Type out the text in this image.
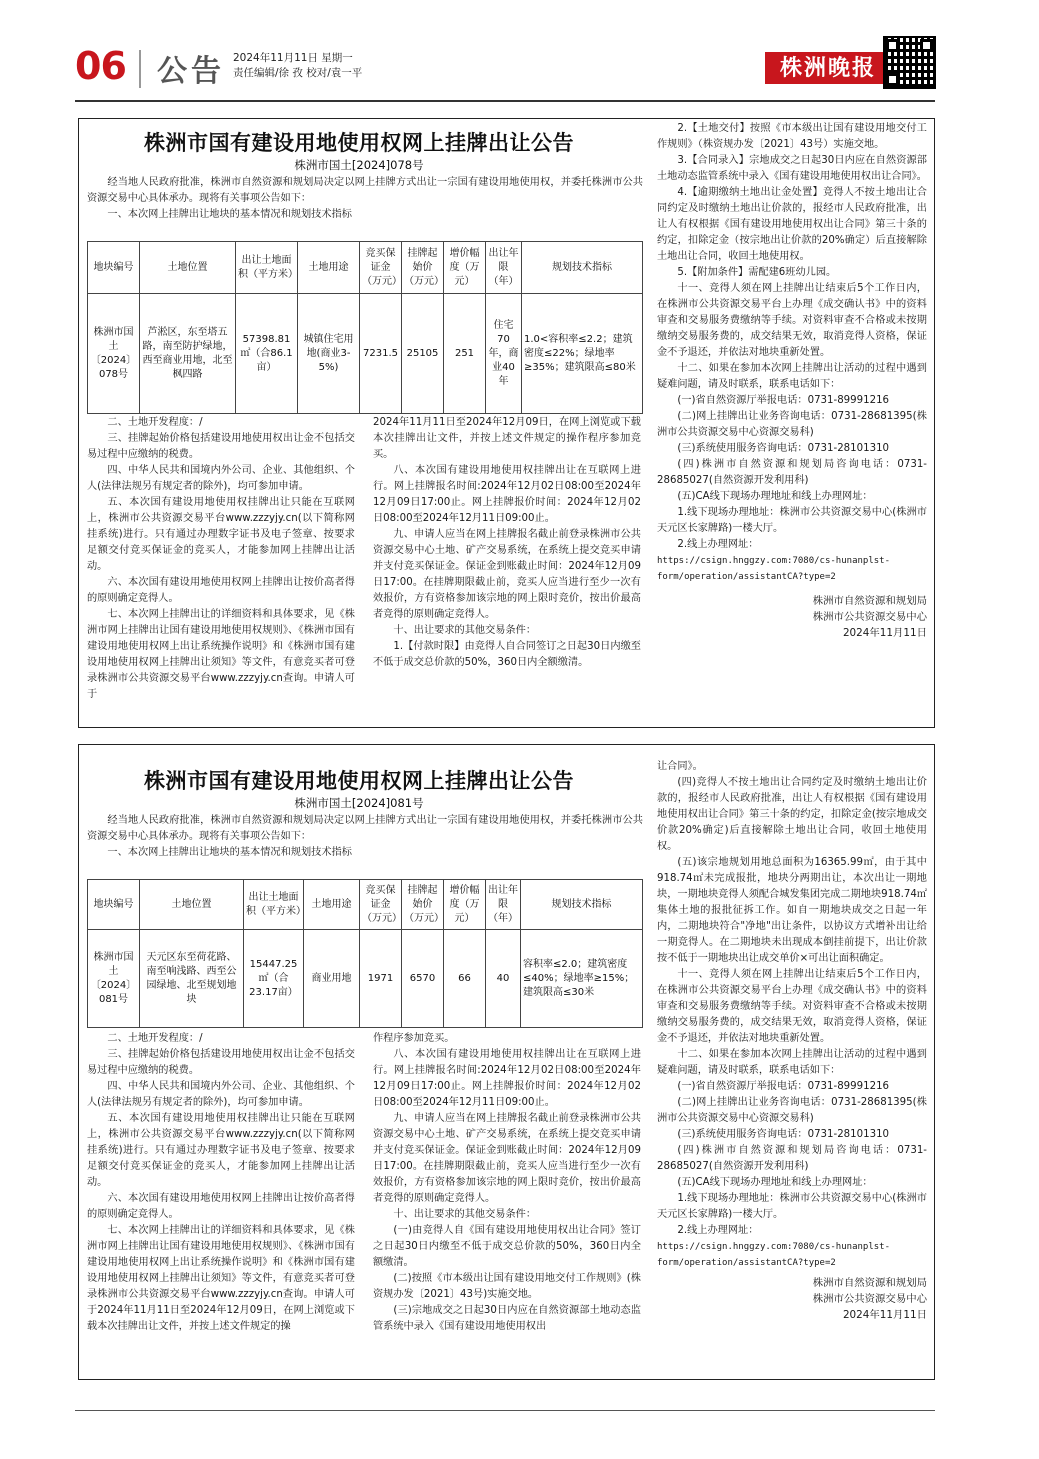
06 公告 2024年11月11日 星期一
责任编辑/徐 孜 校对/袁一平	株洲晚报
株洲市国有建设用地使用权网上挂牌出让公告
株洲市国土[2024]078号

经当地人民政府批准，株洲市自然资源和规划局决定以网上挂牌方式出让一宗国有建设用地使用权，并委托株洲市公共资源交易中心具体承办。现将有关事项公告如下：

一、本次网上挂牌出让地块的基本情况和规划技术指标

地块编号	土地位置	出让土地面积（平方米）	土地用途	竞买保证金（万元）	挂牌起始价（万元）	增价幅度（万元）	出让年限（年）	规划技术指标
株洲市国土〔2024〕078号	芦淞区，东至塔五路，南至防护绿地，西至商业用地，北至枫四路	57398.81㎡（合86.1亩）	城镇住宅用地(商业3-5%)	7231.5	25105	251	住宅70年，商业40年	1.0<容积率≤2.2；建筑密度≤22%；绿地率≥35%；建筑限高≤80米

二、土地开发程度：/

三、挂牌起始价格包括建设用地使用权出让金不包括交易过程中应缴纳的税费。

四、中华人民共和国境内外公司、企业、其他组织、个人(法律法规另有规定者的除外)，均可参加申请。

五、本次国有建设用地使用权挂牌出让只能在互联网上，株洲市公共资源交易平台www.zzzyjy.cn(以下简称网挂系统)进行。只有通过办理数字证书及电子签章、按要求足额交付竞买保证金的竞买人，才能参加网上挂牌出让活动。

六、本次国有建设用地使用权网上挂牌出让按价高者得的原则确定竞得人。

七、本次网上挂牌出让的详细资料和具体要求，见《株洲市网上挂牌出让国有建设用地使用权规则》、《株洲市国有建设用地使用权网上出让系统操作说明》和《株洲市国有建设用地使用权网上挂牌出让须知》等文件，有意竞买者可登录株洲市公共资源交易平台www.zzzyjy.cn查询。申请人可于

2024年11月11日至2024年12月09日，在网上浏览或下载本次挂牌出让文件，并按上述文件规定的操作程序参加竞买。

八、本次国有建设用地使用权挂牌出让在互联网上进行。网上挂牌报名时间:2024年12月02日08:00至2024年12月09日17:00止。网上挂牌报价时间：2024年12月02日08:00至2024年12月11日09:00止。

九、申请人应当在网上挂牌报名截止前登录株洲市公共资源交易中心土地、矿产交易系统，在系统上提交竞买申请并支付竞买保证金。保证金到账截止时间：2024年12月09日17:00。在挂牌期限截止前，竞买人应当进行至少一次有效报价，方有资格参加该宗地的网上限时竞价，按出价最高者竞得的原则确定竞得人。

十、出让要求的其他交易条件：

1.【付款时限】由竞得人自合同签订之日起30日内缴至不低于成交总价款的50%，360日内全额缴清。

2.【土地交付】按照《市本级出让国有建设用地交付工作规则》（株资规办发〔2021〕43号）实施交地。

3.【合同录入】宗地成交之日起30日内应在自然资源部土地动态监管系统中录入《国有建设用地使用权出让合同》。

4.【逾期缴纳土地出让金处置】竞得人不按土地出让合同约定及时缴纳土地出让价款的，报经市人民政府批准，出让人有权根据《国有建设用地使用权出让合同》第三十条的约定，扣除定金（按宗地出让价款的20%确定）后直接解除土地出让合同，收回土地使用权。

5.【附加条件】需配建6班幼儿园。

十一、竞得人须在网上挂牌出让结束后5个工作日内，在株洲市公共资源交易平台上办理《成交确认书》中的资料审查和交易服务费缴纳等手续。对资料审查不合格或未按期缴纳交易服务费的，成交结果无效，取消竞得人资格，保证金不予退还，并依法对地块重新处置。

十二、如果在参加本次网上挂牌出让活动的过程中遇到疑难问题，请及时联系，联系电话如下：

(一)省自然资源厅举报电话：0731-89991216

(二)网上挂牌出让业务咨询电话：0731-28681395(株洲市公共资源交易中心资源交易科)

(三)系统使用服务咨询电话：0731-28101310

(四)株洲市自然资源和规划局咨询电话：0731-28685027(自然资源开发利用科)

(五)CA线下现场办理地址和线上办理网址：

1.线下现场办理地址：株洲市公共资源交易中心(株洲市天元区长家牌路)一楼大厅。

2.线上办理网址：

https://csign.hnggzy.com:7080/cs-hunanplst-form/operation/assistantCA?type=2

株洲市自然资源和规划局
株洲市公共资源交易中心
2024年11月11日
株洲市国有建设用地使用权网上挂牌出让公告
株洲市国土[2024]081号

经当地人民政府批准，株洲市自然资源和规划局决定以网上挂牌方式出让一宗国有建设用地使用权，并委托株洲市公共资源交易中心具体承办。现将有关事项公告如下：

一、本次网上挂牌出让地块的基本情况和规划技术指标

地块编号	土地位置	出让土地面积（平方米）	土地用途	竞买保证金（万元）	挂牌起始价（万元）	增价幅度（万元）	出让年限（年）	规划技术指标
株洲市国土〔2024〕081号	天元区东至荷花路、南至响浅路、西至公园绿地、北至规划地块	15447.25㎡（合23.17亩）	商业用地	1971	6570	66	40	容积率≤2.0；建筑密度≤40%；绿地率≥15%；建筑限高≤30米

二、土地开发程度：/

三、挂牌起始价格包括建设用地使用权出让金不包括交易过程中应缴纳的税费。

四、中华人民共和国境内外公司、企业、其他组织、个人(法律法规另有规定者的除外)，均可参加申请。

五、本次国有建设用地使用权挂牌出让只能在互联网上，株洲市公共资源交易平台www.zzzyjy.cn(以下简称网挂系统)进行。只有通过办理数字证书及电子签章、按要求足额交付竞买保证金的竞买人，才能参加网上挂牌出让活动。

六、本次国有建设用地使用权网上挂牌出让按价高者得的原则确定竞得人。

七、本次网上挂牌出让的详细资料和具体要求，见《株洲市网上挂牌出让国有建设用地使用权规则》、《株洲市国有建设用地使用权网上出让系统操作说明》和《株洲市国有建设用地使用权网上挂牌出让须知》等文件，有意竞买者可登录株洲市公共资源交易平台www.zzzyjy.cn查询。申请人可于2024年11月11日至2024年12月09日，在网上浏览或下载本次挂牌出让文件，并按上述文件规定的操

作程序参加竞买。

八、本次国有建设用地使用权挂牌出让在互联网上进行。网上挂牌报名时间:2024年12月02日08:00至2024年12月09日17:00止。网上挂牌报价时间：2024年12月02日08:00至2024年12月11日09:00止。

九、申请人应当在网上挂牌报名截止前登录株洲市公共资源交易中心土地、矿产交易系统，在系统上提交竞买申请并支付竞买保证金。保证金到账截止时间：2024年12月09日17:00。在挂牌期限截止前，竞买人应当进行至少一次有效报价，方有资格参加该宗地的网上限时竞价，按出价最高者竞得的原则确定竞得人。

十、出让要求的其他交易条件：

(一)由竞得人自《国有建设用地使用权出让合同》签订之日起30日内缴至不低于成交总价款的50%，360日内全额缴清。

(二)按照《市本级出让国有建设用地交付工作规则》(株资规办发〔2021〕43号)实施交地。

(三)宗地成交之日起30日内应在自然资源部土地动态监管系统中录入《国有建设用地使用权出

让合同》。

(四)竞得人不按土地出让合同约定及时缴纳土地出让价款的，报经市人民政府批准，出让人有权根据《国有建设用地使用权出让合同》第三十条的约定，扣除定金(按宗地成交价款20%确定)后直接解除土地出让合同，收回土地使用权。

(五)该宗地规划用地总面积为16365.99㎡，由于其中918.74㎡未完成报批，地块分两期出让，本次出让一期地块，一期地块竞得人须配合城发集团完成二期地块918.74㎡集体土地的报批征拆工作。如自一期地块成交之日起一年内，二期地块符合"净地"出让条件，以协议方式增补出让给一期竞得人。在二期地块未出现成本倒挂前提下，出让价款按不低于一期地块出让成交单价×可出让面积确定。

十一、竞得人须在网上挂牌出让结束后5个工作日内，在株洲市公共资源交易平台上办理《成交确认书》中的资料审查和交易服务费缴纳等手续。对资料审查不合格或未按期缴纳交易服务费的，成交结果无效，取消竞得人资格，保证金不予退还，并依法对地块重新处置。

十二、如果在参加本次网上挂牌出让活动的过程中遇到疑难问题，请及时联系，联系电话如下：

(一)省自然资源厅举报电话：0731-89991216

(二)网上挂牌出让业务咨询电话：0731-28681395(株洲市公共资源交易中心资源交易科)

(三)系统使用服务咨询电话：0731-28101310

(四)株洲市自然资源和规划局咨询电话：0731-28685027(自然资源开发利用科)

(五)CA线下现场办理地址和线上办理网址：

1.线下现场办理地址：株洲市公共资源交易中心(株洲市天元区长家牌路)一楼大厅。

2.线上办理网址：

https://csign.hnggzy.com:7080/cs-hunanplst-form/operation/assistantCA?type=2

株洲市自然资源和规划局
株洲市公共资源交易中心
2024年11月11日
